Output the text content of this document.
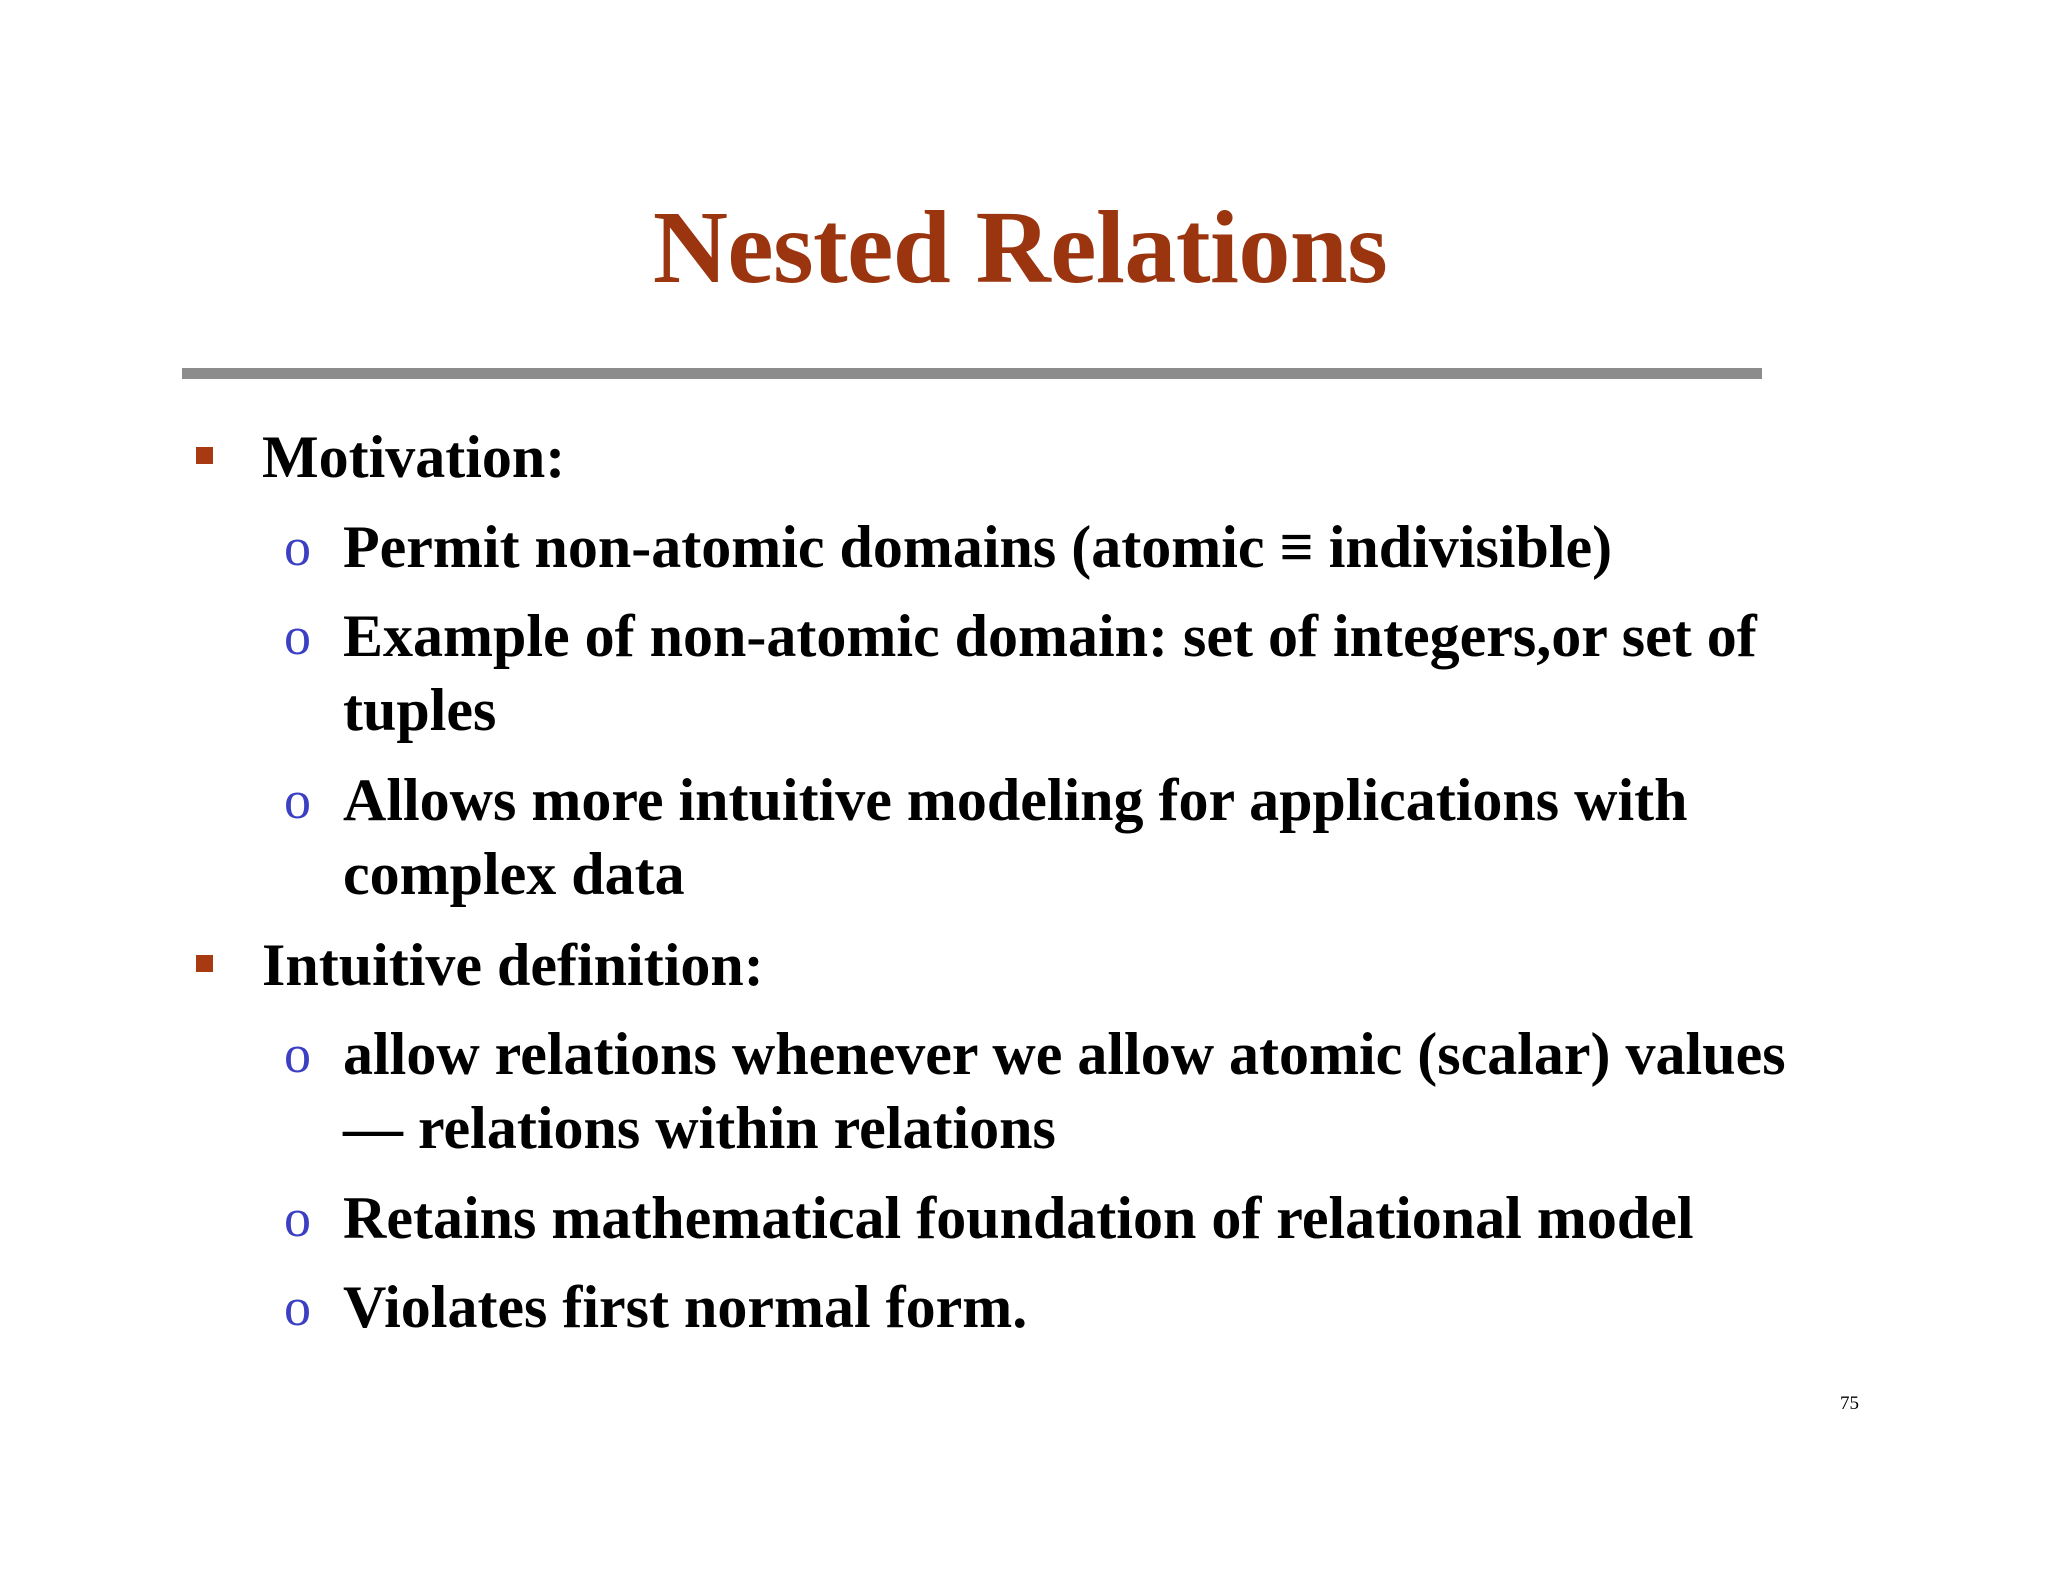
Nested Relations
Motivation:
o Permit non-atomic domains (atomic ≡ indivisible)
o Example of non-atomic domain: set of integers,or set of tuples
o Allows more intuitive modeling for applications with complex data
Intuitive definition:
o allow relations whenever we allow atomic (scalar) values — relations within relations
o Retains mathematical foundation of relational model
o Violates first normal form.
75
